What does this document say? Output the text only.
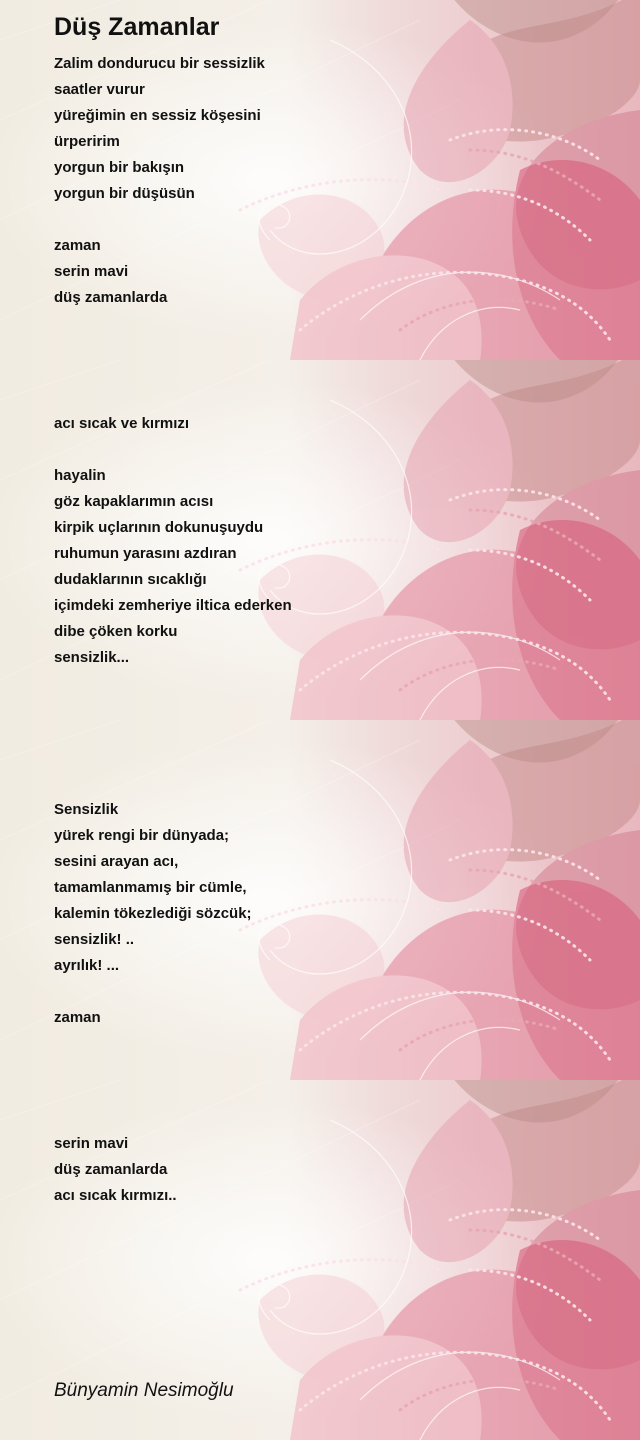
Düş Zamanlar
Zalim dondurucu bir sessizlik
saatler vurur
yüreğimin en sessiz köşesini
ürperirim
yorgun bir bakışın
yorgun bir düşüsün
zaman
serin mavi
düş zamanlarda
acı sıcak ve kırmızı
hayalin
göz kapaklarımın acısı
kirpik uçlarının dokunuşuydu
ruhumun yarasını azdıran
dudaklarının sıcaklığı
içimdeki zemheriye iltica ederken
dibe çöken korku
sensizlik...
Sensizlik
yürek rengi bir dünyada;
sesini arayan acı,
tamamlanmamış bir cümle,
kalemin tökezlediği sözcük;
sensizlik! ..
ayrılık! ...
zaman
serin mavi
düş zamanlarda
acı sıcak kırmızı..

Bünyamin Nesimoğlu
